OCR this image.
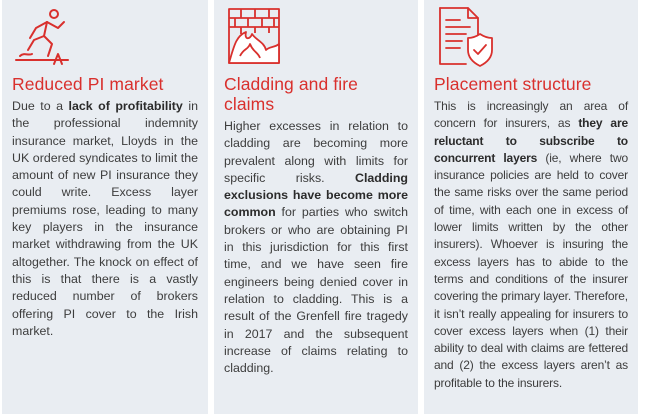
Reduced PI market

Due to a lack of profitability in the professional indemnity insurance market, Lloyds in the UK ordered syndicates to limit the amount of new PI insurance they could write. Excess layer premiums rose, leading to many key players in the insurance market withdrawing from the UK altogether. The knock on effect of this is that there is a vastly reduced number of brokers offering PI cover to the Irish market.

Cladding and fire claims

Higher excesses in relation to cladding are becoming more prevalent along with limits for specific risks. Cladding exclusions have become more common for parties who switch brokers or who are obtaining PI in this jurisdiction for this first time, and we have seen fire engineers being denied cover in relation to cladding. This is a result of the Grenfell fire tragedy in 2017 and the subsequent increase of claims relating to cladding.

Placement structure

This is increasingly an area of concern for insurers, as they are reluctant to subscribe to concurrent layers (ie, where two insurance policies are held to cover the same risks over the same period of time, with each one in excess of lower limits written by the other insurers). Whoever is insuring the excess layers has to abide to the terms and conditions of the insurer covering the primary layer. Therefore, it isn’t really appealing for insurers to cover excess layers when (1) their ability to deal with claims are fettered and (2) the excess layers aren’t as profitable to the insurers.
